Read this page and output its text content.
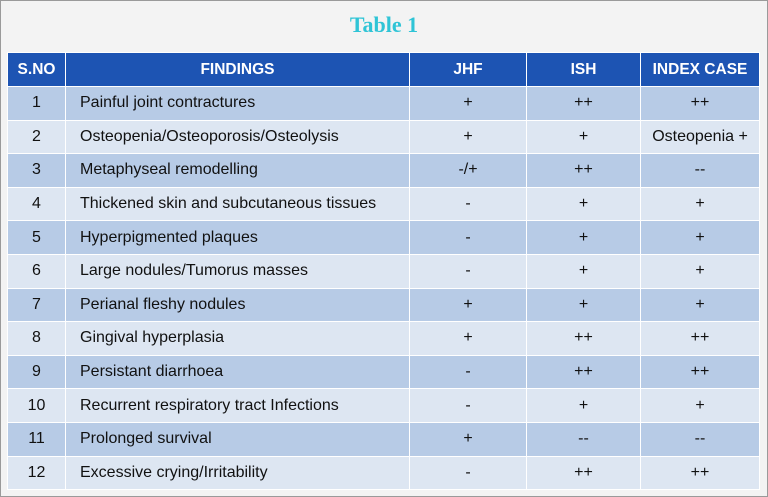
Table 1
S.NO	FINDINGS	JHF	ISH	INDEX CASE
1	Painful joint contractures	+	++	++
2	Osteopenia/Osteoporosis/Osteolysis	+	+	Osteopenia +
3	Metaphyseal remodelling	-/+	++	--
4	Thickened skin and subcutaneous tissues	-	+	+
5	Hyperpigmented plaques	-	+	+
6	Large nodules/Tumorus masses	-	+	+
7	Perianal fleshy nodules	+	+	+
8	Gingival hyperplasia	+	++	++
9	Persistant diarrhoea	-	++	++
10	Recurrent respiratory tract Infections	-	+	+
11	Prolonged survival	+	--	--
12	Excessive crying/Irritability	-	++	++
